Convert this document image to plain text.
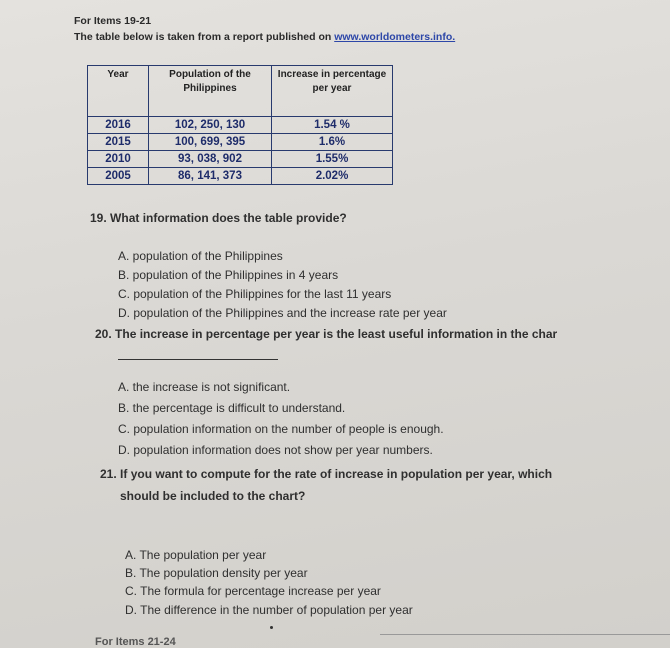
For Items 19-21
The table below is taken from a report published on www.worldometers.info.
Year	Population of the Philippines	Increase in percentage per year
2016	102, 250, 130	1.54 %
2015	100, 699, 395	1.6%
2010	93, 038, 902	1.55%
2005	86, 141, 373	2.02%
19. What information does the table provide?
A. population of the Philippines
B. population of the Philippines in 4 years
C. population of the Philippines for the last 11 years
D. population of the Philippines and the increase rate per year
20. The increase in percentage per year is the least useful information in the char
A. the increase is not significant.
B. the percentage is difficult to understand.
C. population information on the number of people is enough.
D. population information does not show per year numbers.
21. If you want to compute for the rate of increase in population per year, which
should be included to the chart?
A. The population per year
B. The population density per year
C. The formula for percentage increase per year
D. The difference in the number of population per year
For Items 21-24
